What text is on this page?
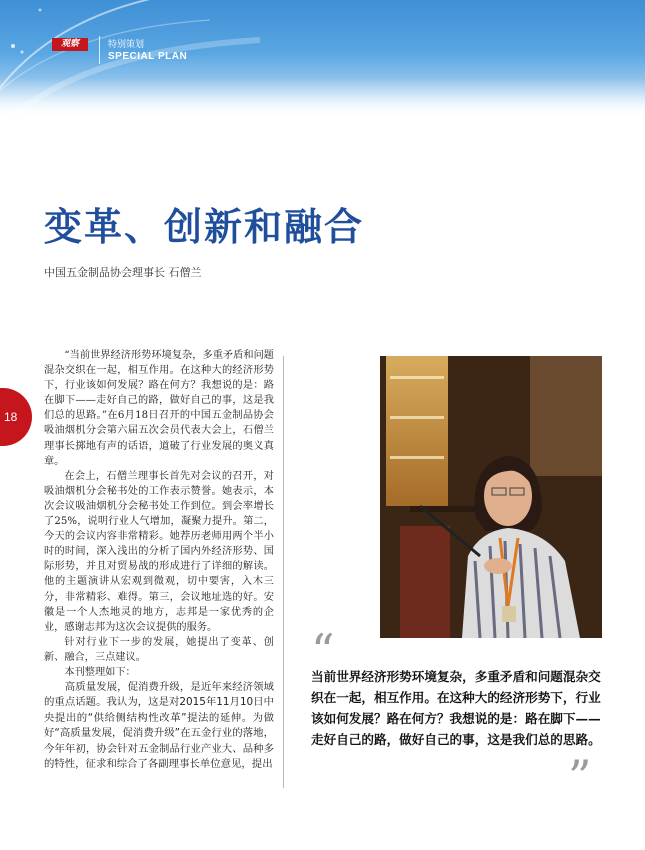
观察	特别策划
SPECIAL PLAN
变革、创新和融合
中国五金制品协会理事长 石僧兰
18

“当前世界经济形势环境复杂，多重矛盾和问题混杂交织在一起，相互作用。在这种大的经济形势下，行业该如何发展？路在何方？我想说的是：路在脚下——走好自己的路，做好自己的事，这是我们总的思路。”在6月18日召开的中国五金制品协会吸油烟机分会第六届五次会员代表大会上，石僧兰理事长掷地有声的话语，道破了行业发展的奥义真章。

在会上，石僧兰理事长首先对会议的召开，对吸油烟机分会秘书处的工作表示赞誉。她表示，本次会议吸油烟机分会秘书处工作到位。到会率增长了25%，说明行业人气增加，凝聚力提升。第二，今天的会议内容非常精彩。她荐历老师用两个半小时的时间，深入浅出的分析了国内外经济形势、国际形势，并且对贸易战的形成进行了详细的解读。他的主题演讲从宏观到微观，切中要害，入木三分，非常精彩、难得。第三，会议地址选的好。安徽是一个人杰地灵的地方，志邦是一家优秀的企业，感谢志邦为这次会议提供的服务。

针对行业下一步的发展，她提出了变革、创新、融合，三点建议。

本刊整理如下：

高质量发展，促消费升级，是近年来经济领域的重点话题。我认为，这是对2015年11月10日中央提出的“供给侧结构性改革”提法的延伸。为做好“高质量发展，促消费升级”在五金行业的落地，今年年初，协会针对五金制品行业产业大、品种多的特性，征求和综合了各副理事长单位意见，提出

“
当前世界经济形势环境复杂，多重矛盾和问题混杂交织在一起，相互作用。在这种大的经济形势下，行业该如何发展？路在何方？我想说的是：路在脚下——走好自己的路，做好自己的事，这是我们总的思路。
”
